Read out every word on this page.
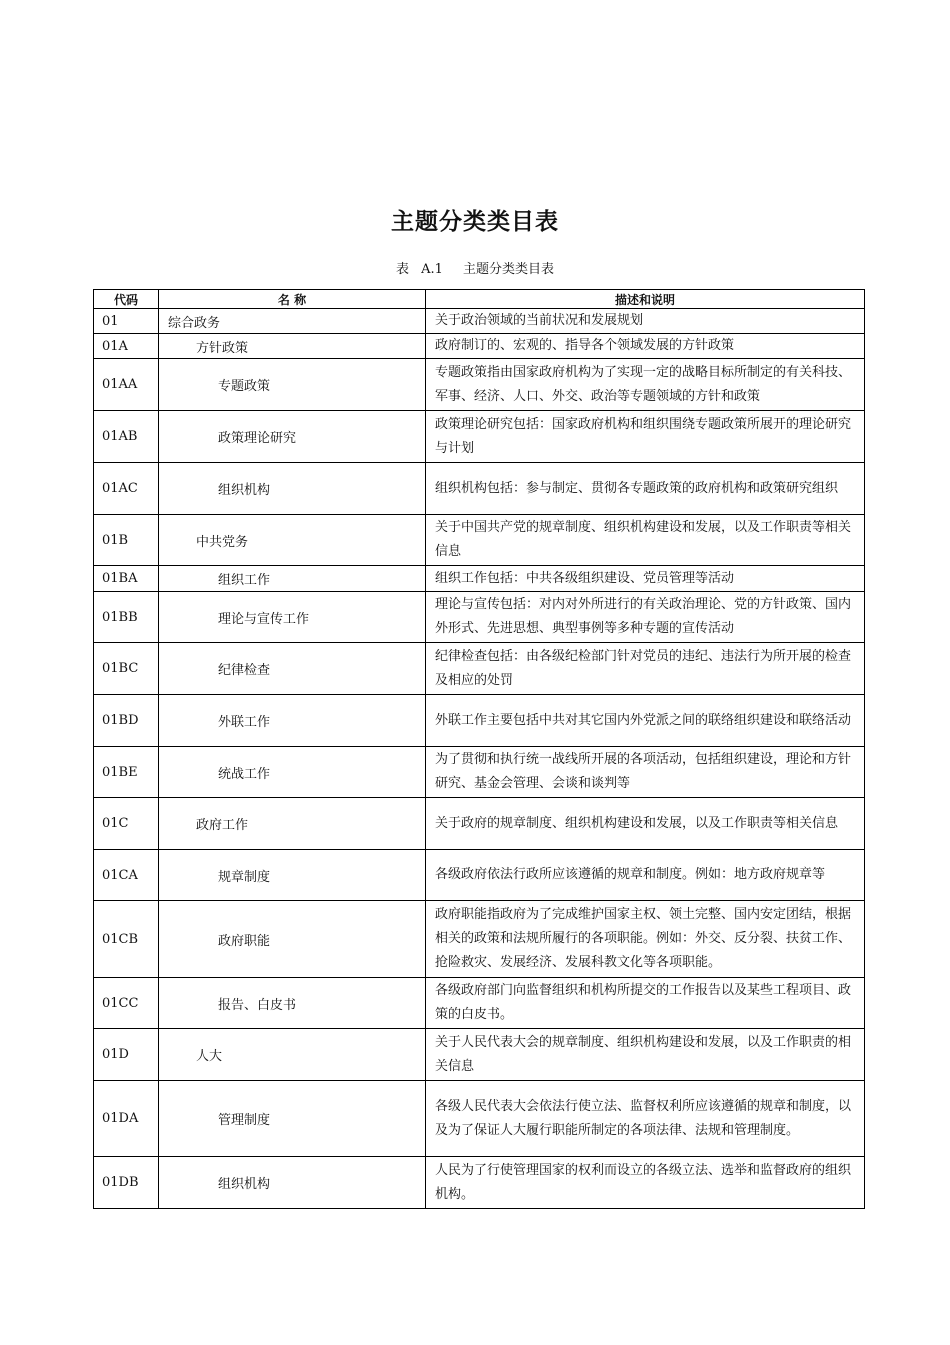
主题分类类目表
表 A.1 主题分类类目表
代码	名 称	描述和说明
01	综合政务	关于政治领域的当前状况和发展规划
01A	方针政策	政府制订的、宏观的、指导各个领域发展的方针政策
01AA	专题政策	专题政策指由国家政府机构为了实现一定的战略目标所制定的有关科技、军事、经济、人口、外交、政治等专题领域的方针和政策
01AB	政策理论研究	政策理论研究包括：国家政府机构和组织围绕专题政策所展开的理论研究与计划
01AC	组织机构	组织机构包括：参与制定、贯彻各专题政策的政府机构和政策研究组织
01B	中共党务	关于中国共产党的规章制度、组织机构建设和发展，以及工作职责等相关信息
01BA	组织工作	组织工作包括：中共各级组织建设、党员管理等活动
01BB	理论与宣传工作	理论与宣传包括：对内对外所进行的有关政治理论、党的方针政策、国内外形式、先进思想、典型事例等多种专题的宣传活动
01BC	纪律检查	纪律检查包括：由各级纪检部门针对党员的违纪、违法行为所开展的检查及相应的处罚
01BD	外联工作	外联工作主要包括中共对其它国内外党派之间的联络组织建设和联络活动
01BE	统战工作	为了贯彻和执行统一战线所开展的各项活动，包括组织建设，理论和方针研究、基金会管理、会谈和谈判等
01C	政府工作	关于政府的规章制度、组织机构建设和发展，以及工作职责等相关信息
01CA	规章制度	各级政府依法行政所应该遵循的规章和制度。例如：地方政府规章等
01CB	政府职能	政府职能指政府为了完成维护国家主权、领土完整、国内安定团结，根据相关的政策和法规所履行的各项职能。例如：外交、反分裂、扶贫工作、抢险救灾、发展经济、发展科教文化等各项职能。
01CC	报告、白皮书	各级政府部门向监督组织和机构所提交的工作报告以及某些工程项目、政策的白皮书。
01D	人大	关于人民代表大会的规章制度、组织机构建设和发展，以及工作职责的相关信息
01DA	管理制度	各级人民代表大会依法行使立法、监督权利所应该遵循的规章和制度，以及为了保证人大履行职能所制定的各项法律、法规和管理制度。
01DB	组织机构	人民为了行使管理国家的权利而设立的各级立法、选举和监督政府的组织机构。
